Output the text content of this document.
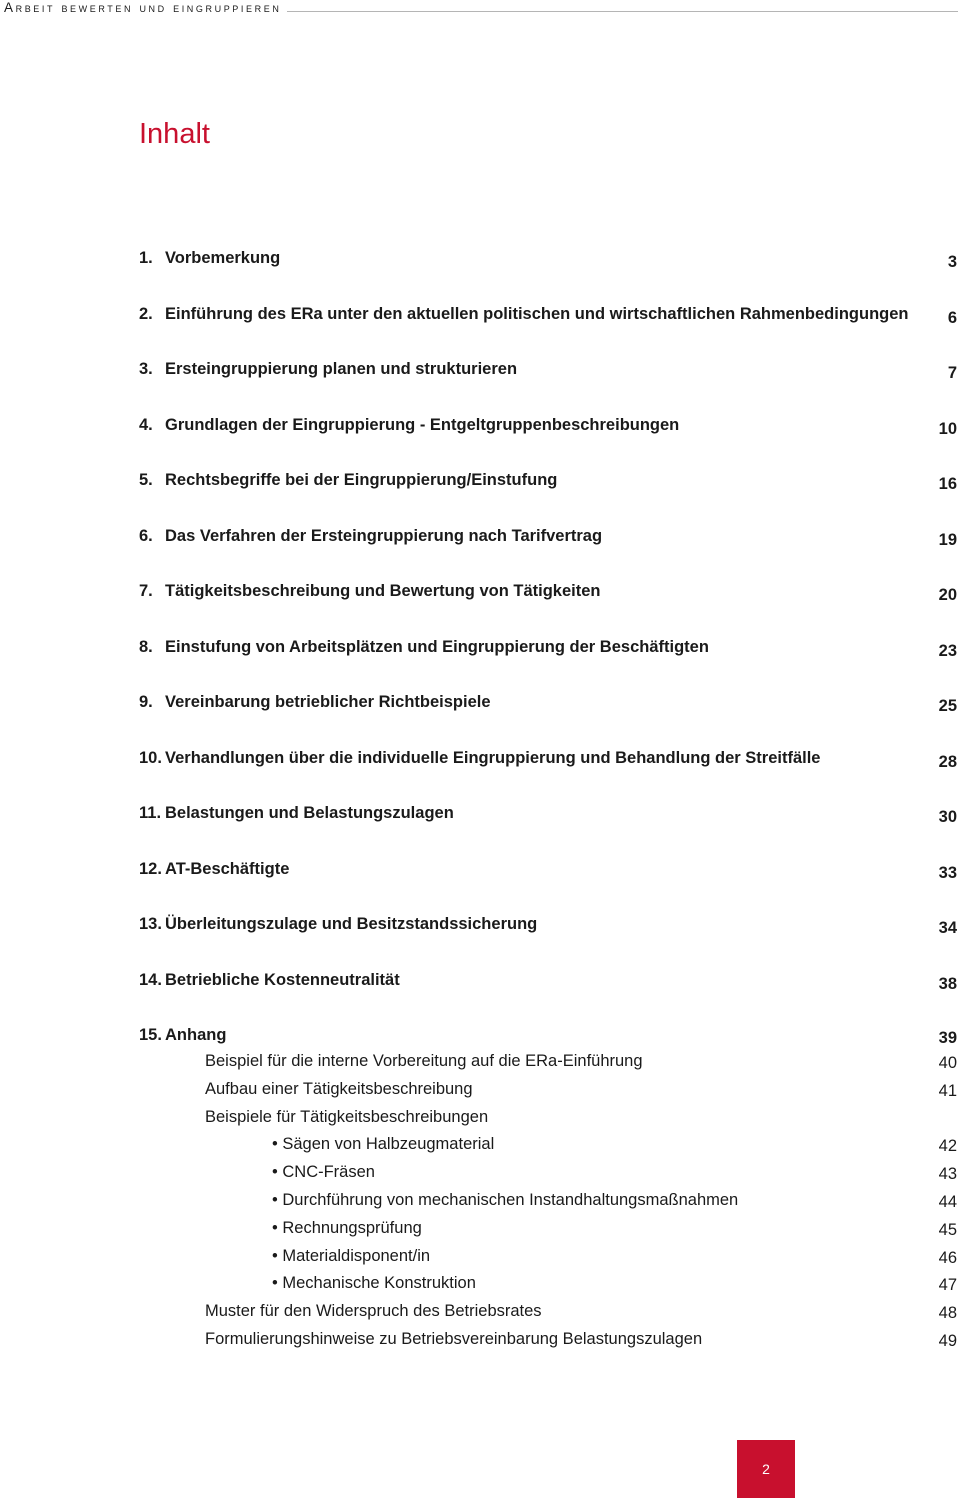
Arbeit bewerten und eingruppieren
Inhalt
1. Vorbemerkung	3
2. Einführung des ERa unter den aktuellen politischen und wirtschaftlichen Rahmenbedingungen 6
3. Ersteingruppierung planen und strukturieren	7
4. Grundlagen der Eingruppierung - Entgeltgruppenbeschreibungen	10
5. Rechtsbegriffe bei der Eingruppierung/Einstufung	16
6. Das Verfahren der Ersteingruppierung nach Tarifvertrag	19
7. Tätigkeitsbeschreibung und Bewertung von Tätigkeiten	20
8. Einstufung von Arbeitsplätzen und Eingruppierung der Beschäftigten	23
9. Vereinbarung betrieblicher Richtbeispiele	25
10. Verhandlungen über die individuelle Eingruppierung und Behandlung der Streitfälle	28
11. Belastungen und Belastungszulagen	30
12. AT-Beschäftigte	33
13. Überleitungszulage und Besitzstandssicherung	34
14. Betriebliche Kostenneutralität	38
15. Anhang	39
Beispiel für die interne Vorbereitung auf die ERa-Einführung	40
Aufbau einer Tätigkeitsbeschreibung	41
Beispiele für Tätigkeitsbeschreibungen
• Sägen von Halbzeugmaterial	42
• CNC-Fräsen	43
• Durchführung von mechanischen Instandhaltungsmaßnahmen	44
• Rechnungsprüfung	45
• Materialdisponent/in	46
• Mechanische Konstruktion	47
Muster für den Widerspruch des Betriebsrates	48
Formulierungshinweise zu Betriebsvereinbarung Belastungszulagen	49
2
